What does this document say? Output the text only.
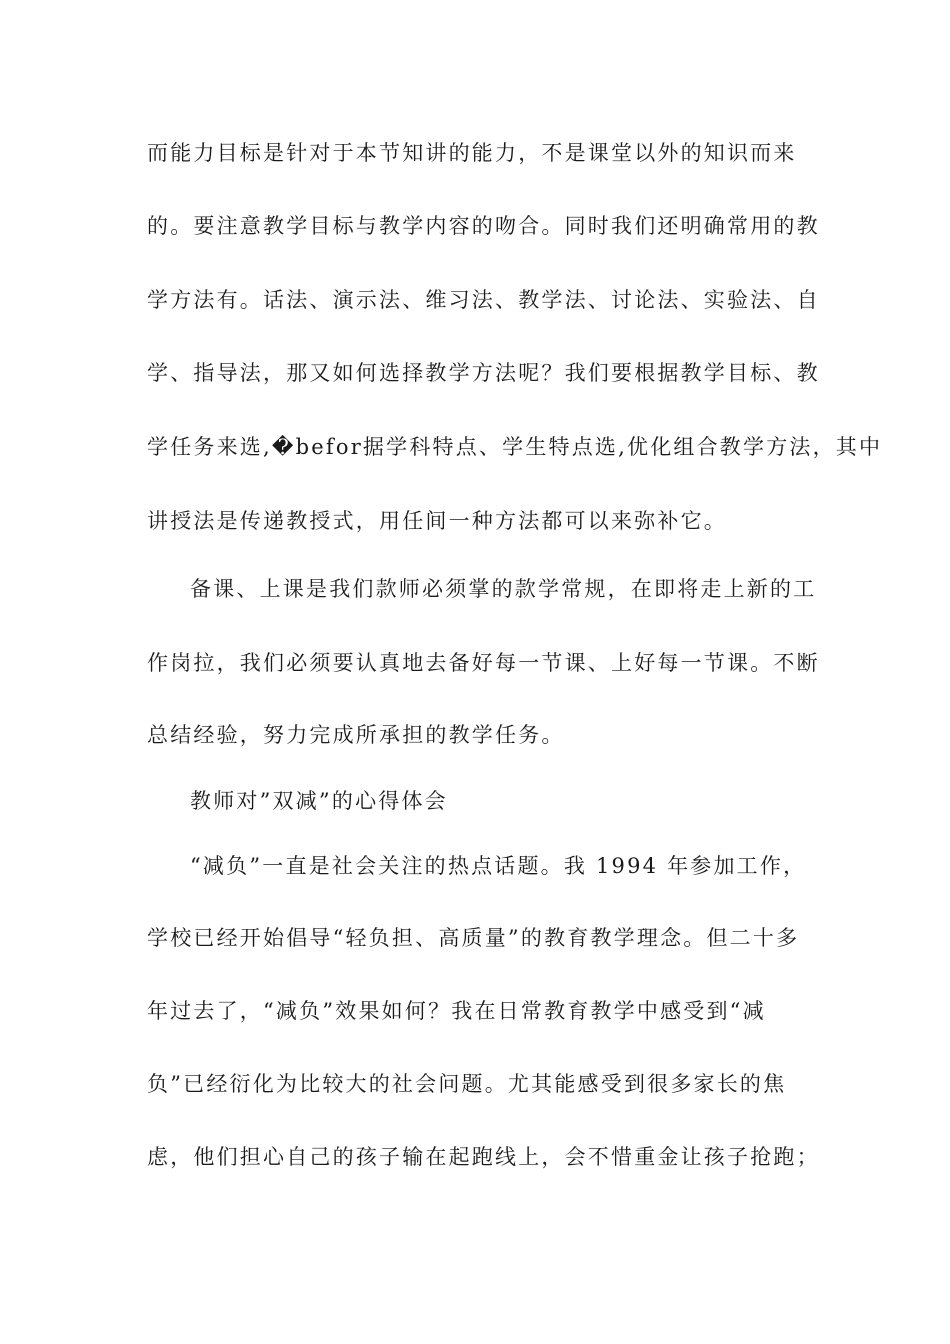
而能力目标是针对于本节知讲的能力，不是课堂以外的知识而来
的。要注意教学目标与教学内容的吻合。同时我们还明确常用的教
学方法有。话法、演示法、维习法、教学法、讨论法、实验法、自
学、指导法，那又如何选择教学方法呢？我们要根据教学目标、教
学任务来选,�befor据学科特点、学生特点选,优化组合教学方法，其中
讲授法是传递教授式，用任间一种方法都可以来弥补它。
备课、上课是我们款师必须掌的款学常规，在即将走上新的工
作岗拉，我们必须要认真地去备好每一节课、上好每一节课。不断
总结经验，努力完成所承担的教学任务。
教师对”双减”的心得体会
“减负”一直是社会关注的热点话题。我 1994 年参加工作，
学校已经开始倡导“轻负担、高质量”的教育教学理念。但二十多
年过去了，“减负”效果如何？我在日常教育教学中感受到“减
负”已经衍化为比较大的社会问题。尤其能感受到很多家长的焦
虑，他们担心自己的孩子输在起跑线上，会不惜重金让孩子抢跑；
